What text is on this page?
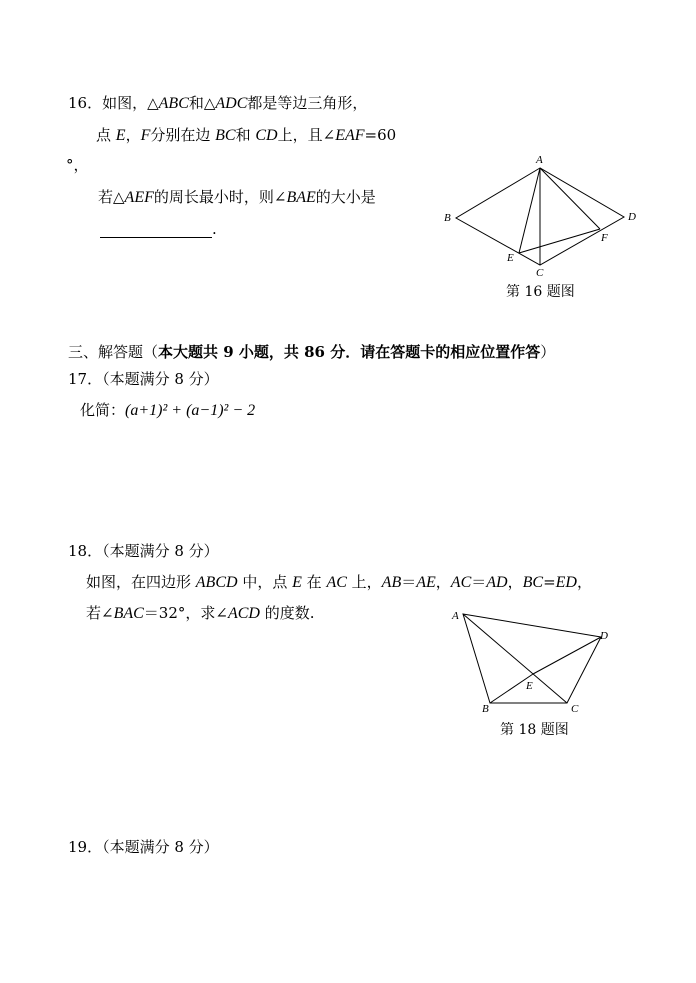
16．如图，△ABC和△ADC都是等边三角形，
点 E，F分别在边 BC和 CD上，且∠EAF=60
°，
若△AEF的周长最小时，则∠BAE的大小是
.
A
B
C
D
E
F
第 16 题图
三、解答题（本大题共 9 小题，共 86 分．请在答题卡的相应位置作答）
17．（本题满分 8 分）
化简：(a+1)² + (a−1)² − 2
18．（本题满分 8 分）
如图，在四边形 ABCD 中，点 E 在 AC 上，AB＝AE，AC＝AD，BC=ED，
若∠BAC＝32°，求∠ACD 的度数.	A
B	C
D
E
第 18 题图
19．（本题满分 8 分）
